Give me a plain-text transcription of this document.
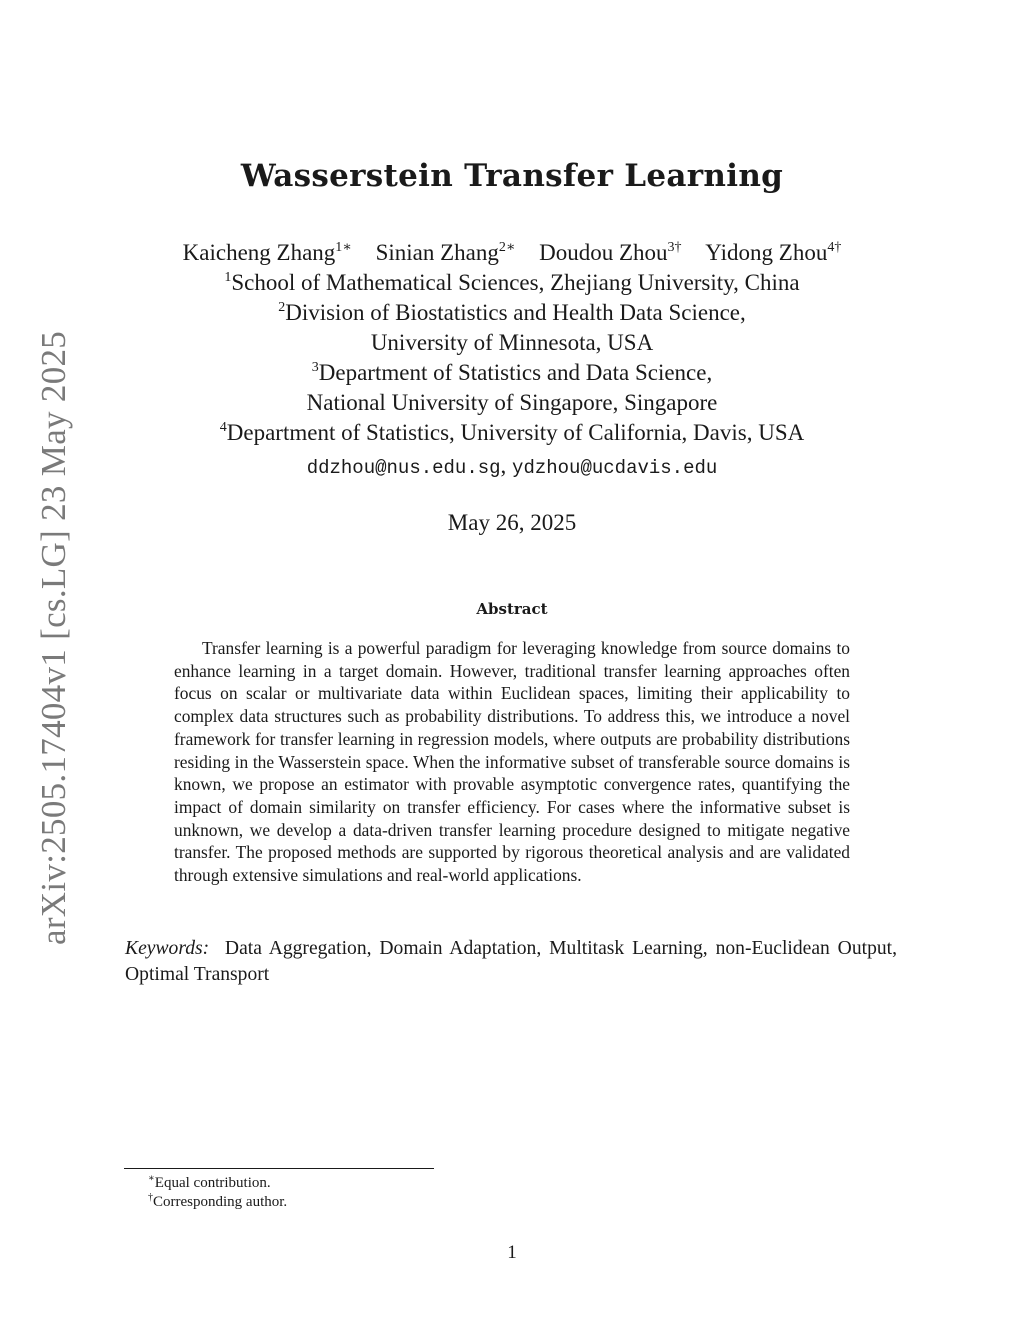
arXiv:2505.17404v1 [cs.LG] 23 May 2025
Wasserstein Transfer Learning
Kaicheng Zhang$^{1∗}$ Sinian Zhang$^{2∗}$ Doudou Zhou$^{3\dagger}$ Yidong Zhou$^{4\dagger}$
$^1$School of Mathematical Sciences, Zhejiang University, China
$^2$Division of Biostatistics and Health Data Science,
University of Minnesota, USA
$^3$Department of Statistics and Data Science,
National University of Singapore, Singapore
$^4$Department of Statistics, University of California, Davis, USA
ddzhou@nus.edu.sg, ydzhou@ucdavis.edu
May 26, 2025
Abstract

Transfer learning is a powerful paradigm for leveraging knowledge from source domains to enhance learning in a target domain. However, traditional transfer learning approaches often focus on scalar or multivariate data within Euclidean spaces, limiting their applicability to complex data structures such as probability distributions. To address this, we introduce a novel framework for transfer learning in regression models, where outputs are probability distributions residing in the Wasserstein space. When the informative subset of transferable source domains is known, we propose an estimator with provable asymptotic convergence rates, quantifying the impact of domain similarity on transfer efficiency. For cases where the informative subset is unknown, we develop a data-driven transfer learning procedure designed to mitigate negative transfer. The proposed methods are supported by rigorous theoretical analysis and are validated through extensive simulations and real-world applications.

Keywords: Data Aggregation, Domain Adaptation, Multitask Learning, non-Euclidean Output, Optimal Transport

∗Equal contribution.
†Corresponding author.
1
